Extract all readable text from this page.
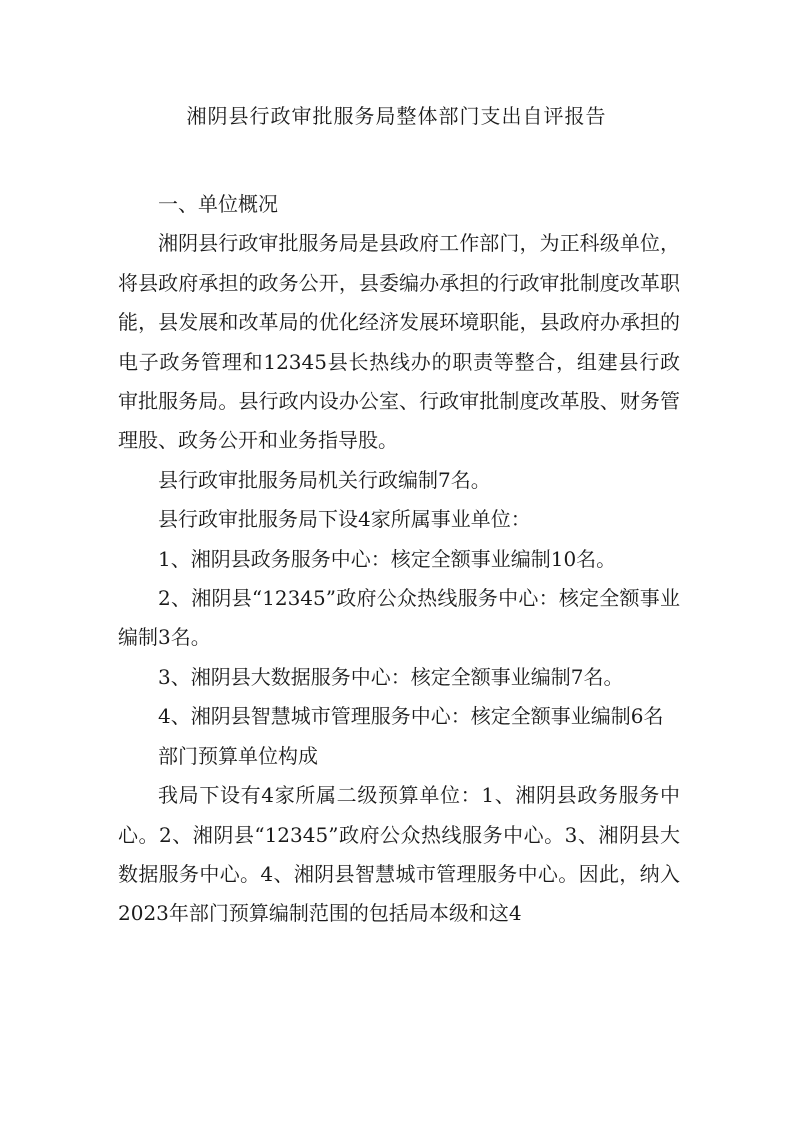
湘阴县行政审批服务局整体部门支出自评报告

一、单位概况

湘阴县行政审批服务局是县政府工作部门，为正科级单位，将县政府承担的政务公开，县委编办承担的行政审批制度改革职能，县发展和改革局的优化经济发展环境职能，县政府办承担的电子政务管理和12345县长热线办的职责等整合，组建县行政审批服务局。县行政内设办公室、行政审批制度改革股、财务管理股、政务公开和业务指导股。

县行政审批服务局机关行政编制7名。

县行政审批服务局下设4家所属事业单位：

1、湘阴县政务服务中心：核定全额事业编制10名。

2、湘阴县“12345”政府公众热线服务中心：核定全额事业编制3名。

3、湘阴县大数据服务中心：核定全额事业编制7名。

4、湘阴县智慧城市管理服务中心：核定全额事业编制6名

部门预算单位构成

我局下设有4家所属二级预算单位：1、湘阴县政务服务中心。2、湘阴县“12345”政府公众热线服务中心。3、湘阴县大数据服务中心。4、湘阴县智慧城市管理服务中心。因此，纳入2023年部门预算编制范围的包括局本级和这4
